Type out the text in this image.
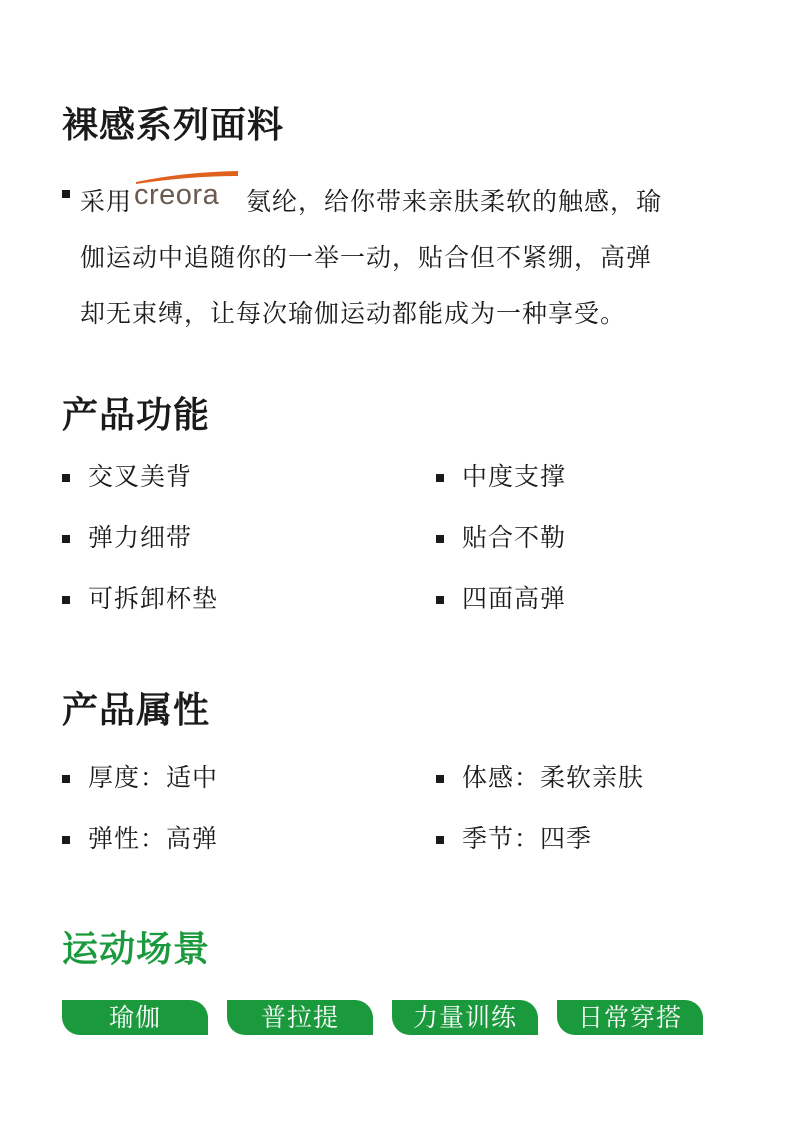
裸感系列面料
采用 creora 氨纶，给你带来亲肤柔软的触感，瑜
伽运动中追随你的一举一动，贴合但不紧绷，高弹
却无束缚，让每次瑜伽运动都能成为一种享受。
产品功能
交叉美背	中度支撑
弹力细带	贴合不勒
可拆卸杯垫	四面高弹
产品属性
厚度：适中	体感：柔软亲肤
弹性：高弹	季节：四季
运动场景
瑜伽	普拉提	力量训练	日常穿搭
